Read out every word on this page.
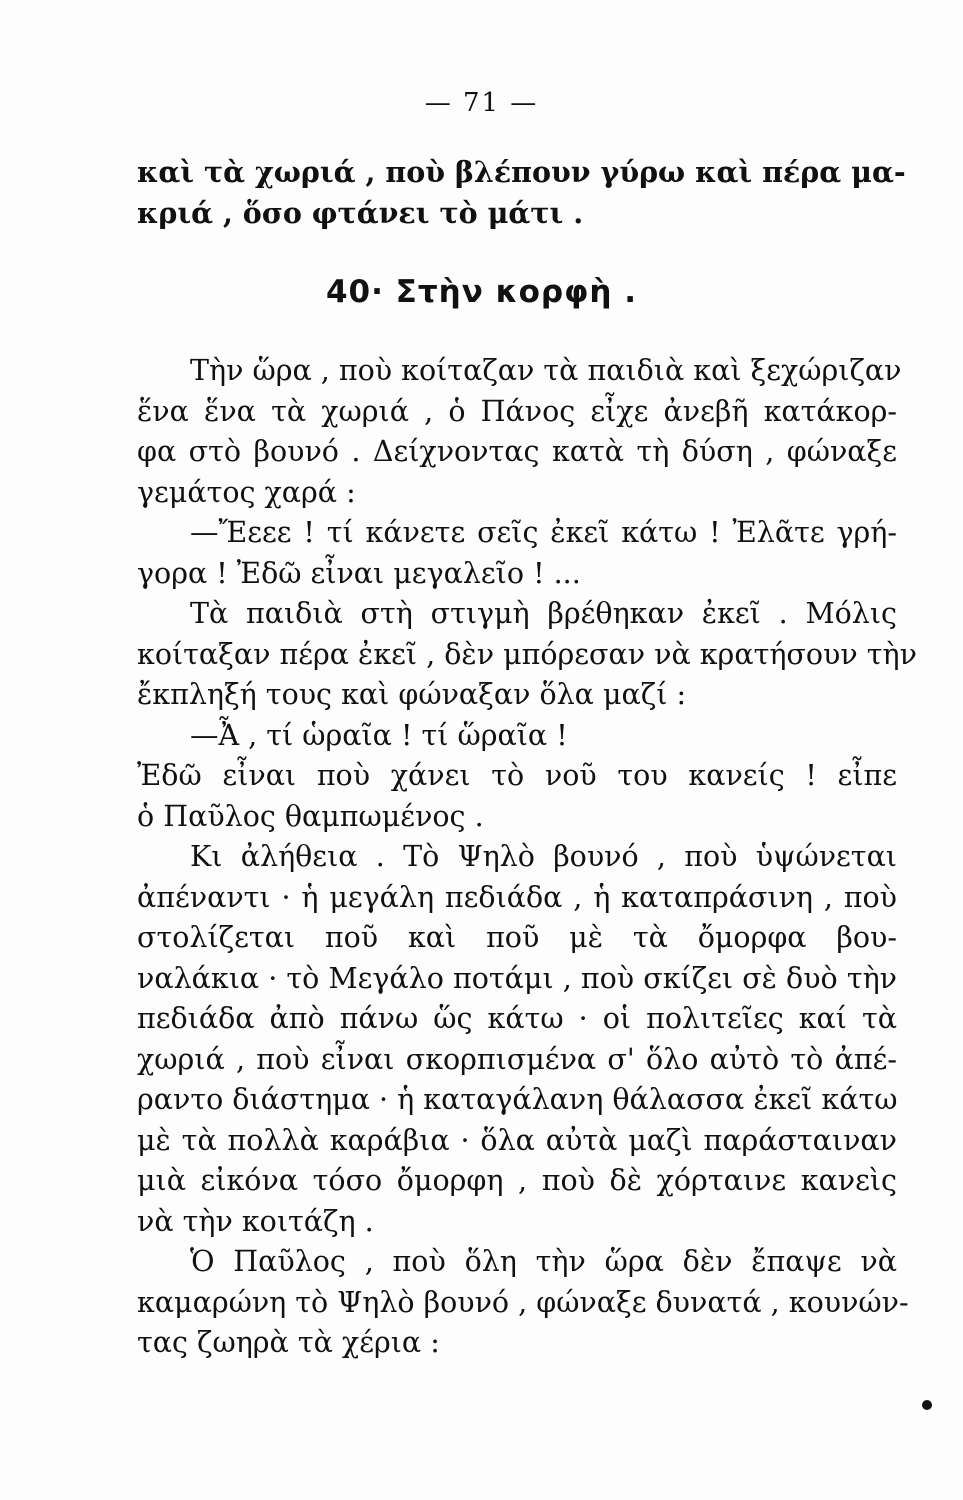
— 71 —
καὶ τὰ χωριά , ποὺ βλέπουν γύρω καὶ πέρα μα-
κριά , ὅσο φτάνει τὸ μάτι .
40· Στὴν κορφὴ .
Τὴν ὥρα , ποὺ κοίταζαν τὰ παιδιὰ καὶ ξεχώριζαν
ἕνα ἕνα τὰ χωριά , ὁ Πάνος εἶχε ἀνεβῆ κατάκορ-
φα στὸ βουνό . Δείχνοντας κατὰ τὴ δύση , φώναξε
γεμάτος χαρά :
—Ἔεεε ! τί κάνετε σεῖς ἐκεῖ κάτω ! Ἐλᾶτε γρή-
γορα ! Ἐδῶ εἶναι μεγαλεῖο ! ...
Τὰ παιδιὰ στὴ στιγμὴ βρέθηκαν ἐκεῖ . Μόλις
κοίταξαν πέρα ἐκεῖ , δὲν μπόρεσαν νὰ κρατήσουν τὴν
ἔκπληξή τους καὶ φώναξαν ὅλα μαζί :
—Ἆ , τί ὡραῖα ! τί ὥραῖα !
Ἐδῶ εἶναι ποὺ χάνει τὸ νοῦ του κανείς ! εἶπε
ὁ Παῦλος θαμπωμένος .
Κι ἀλήθεια . Τὸ Ψηλὸ βουνό , ποὺ ὑψώνεται
ἀπέναντι · ἡ μεγάλη πεδιάδα , ἡ καταπράσινη , ποὺ
στολίζεται ποῦ καὶ ποῦ μὲ τὰ ὄμορφα βου-
ναλάκια · τὸ Μεγάλο ποτάμι , ποὺ σκίζει σὲ δυὸ τὴν
πεδιάδα ἀπὸ πάνω ὥς κάτω · οἱ πολιτεῖες καί τὰ
χωριά , ποὺ εἶναι σκορπισμένα σ' ὅλο αὐτὸ τὸ ἀπέ-
ραντο διάστημα · ἡ καταγάλανη θάλασσα ἐκεῖ κάτω
μὲ τὰ πολλὰ καράβια · ὅλα αὐτὰ μαζὶ παράσταιναν
μιὰ εἰκόνα τόσο ὄμορφη , ποὺ δὲ χόρταινε κανεὶς
νὰ τὴν κοιτάζη .
Ὁ Παῦλος , ποὺ ὅλη τὴν ὥρα δὲν ἔπαψε νὰ
καμαρώνη τὸ Ψηλὸ βουνό , φώναξε δυνατά , κουνών-
τας ζωηρὰ τὰ χέρια :
